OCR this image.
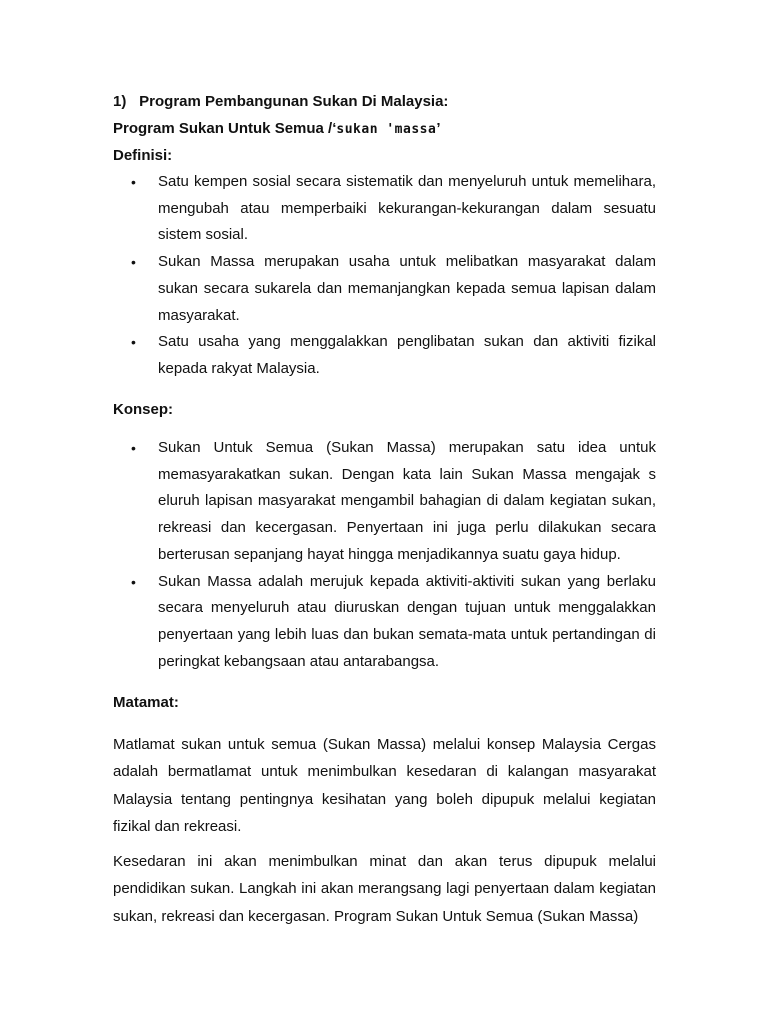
1) Program Pembangunan Sukan Di Malaysia:
Program Sukan Untuk Semua /‘sukan 'massa’
Definisi:
• Satu kempen sosial secara sistematik dan menyeluruh untuk memelihara, mengubah atau memperbaiki kekurangan-kekurangan dalam sesuatu sistem sosial.
• Sukan Massa merupakan usaha untuk melibatkan masyarakat dalam sukan secara sukarela dan memanjangkan kepada semua lapisan dalam masyarakat.
• Satu usaha yang menggalakkan penglibatan sukan dan aktiviti fizikal kepada rakyat Malaysia.
Konsep:
• Sukan Untuk Semua (Sukan Massa) merupakan satu idea untuk memasyarakatkan sukan. Dengan kata lain Sukan Massa mengajak s eluruh lapisan masyarakat mengambil bahagian di dalam kegiatan sukan, rekreasi dan kecergasan. Penyertaan ini juga perlu dilakukan secara berterusan sepanjang hayat hingga menjadikannya suatu gaya hidup.
• Sukan Massa adalah merujuk kepada aktiviti-aktiviti sukan yang berlaku secara menyeluruh atau diuruskan dengan tujuan untuk menggalakkan penyertaan yang lebih luas dan bukan semata-mata untuk pertandingan di peringkat kebangsaan atau antarabangsa.
Matamat:

Matlamat sukan untuk semua (Sukan Massa) melalui konsep Malaysia Cergas adalah bermatlamat untuk menimbulkan kesedaran di kalangan masyarakat Malaysia tentang pentingnya kesihatan yang boleh dipupuk melalui kegiatan fizikal dan rekreasi.

Kesedaran ini akan menimbulkan minat dan akan terus dipupuk melalui pendidikan sukan. Langkah ini akan merangsang lagi penyertaan dalam kegiatan sukan, rekreasi dan kecergasan. Program Sukan Untuk Semua (Sukan Massa)
